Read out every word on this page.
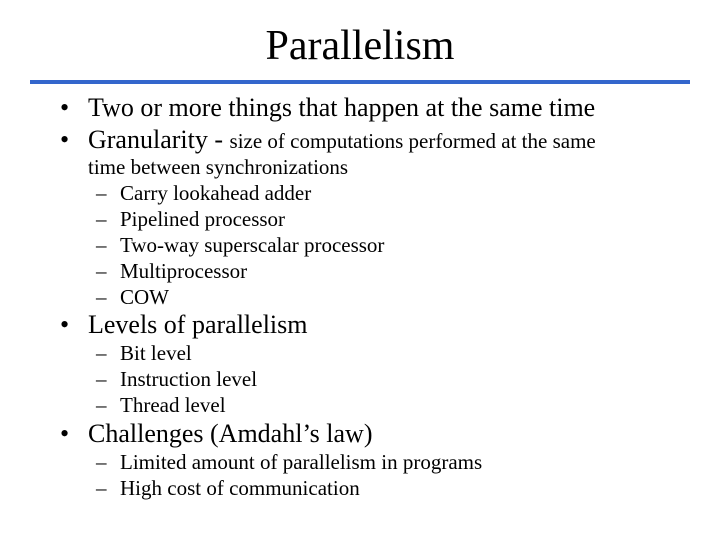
Parallelism
• Two or more things that happen at the same time
• Granularity - size of computations performed at the same
time between synchronizations
– Carry lookahead adder
– Pipelined processor
– Two-way superscalar processor
– Multiprocessor
– COW
• Levels of parallelism
– Bit level
– Instruction level
– Thread level
• Challenges (Amdahl’s law)
– Limited amount of parallelism in programs
– High cost of communication
